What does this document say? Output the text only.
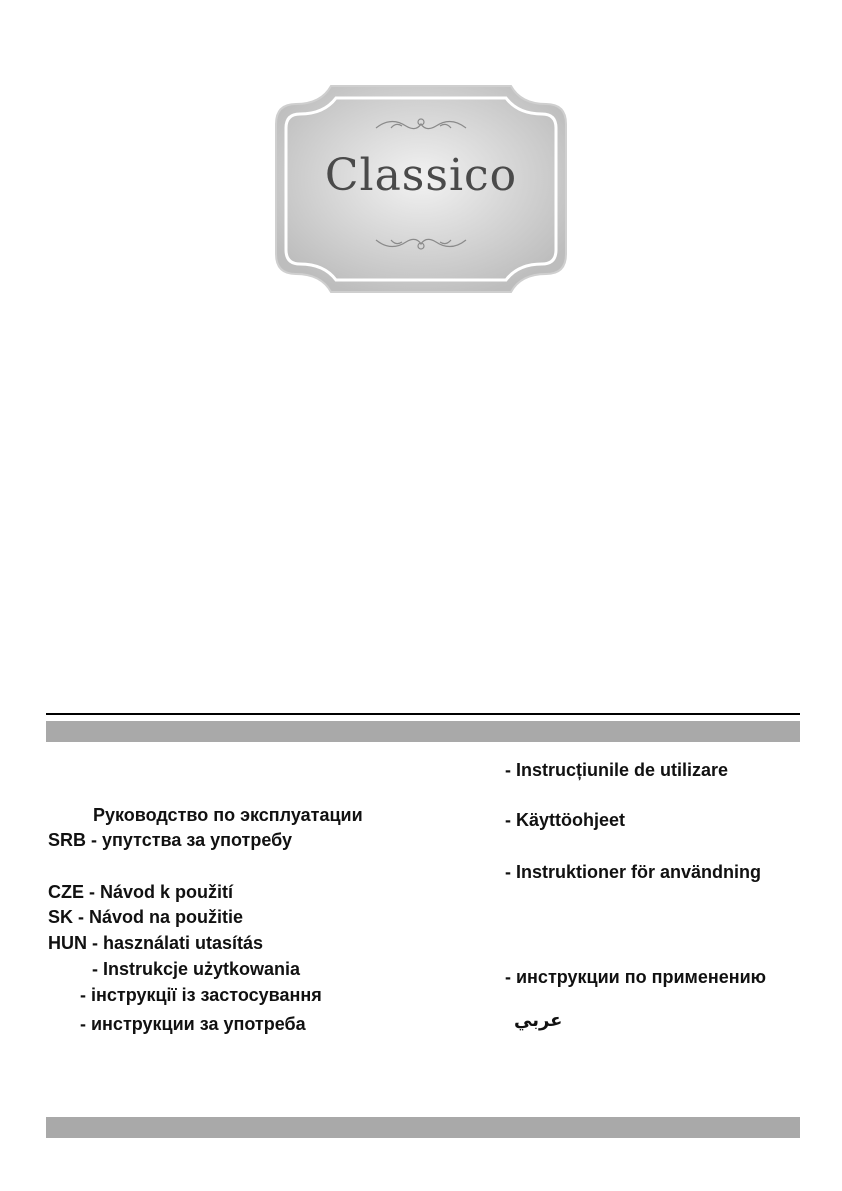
Classico
Руководство по эксплуатации
SRB - упутства за употребу
CZE - Návod k použití
SK - Návod na použitie
HUN - használati utasítás
- Instrukcje użytkowania
- інструкції із застосування
- инструкции за употреба
- Instrucțiunile de utilizare
- Käyttöohjeet
- Instruktioner för användning
- инструкции по применению
عربي
